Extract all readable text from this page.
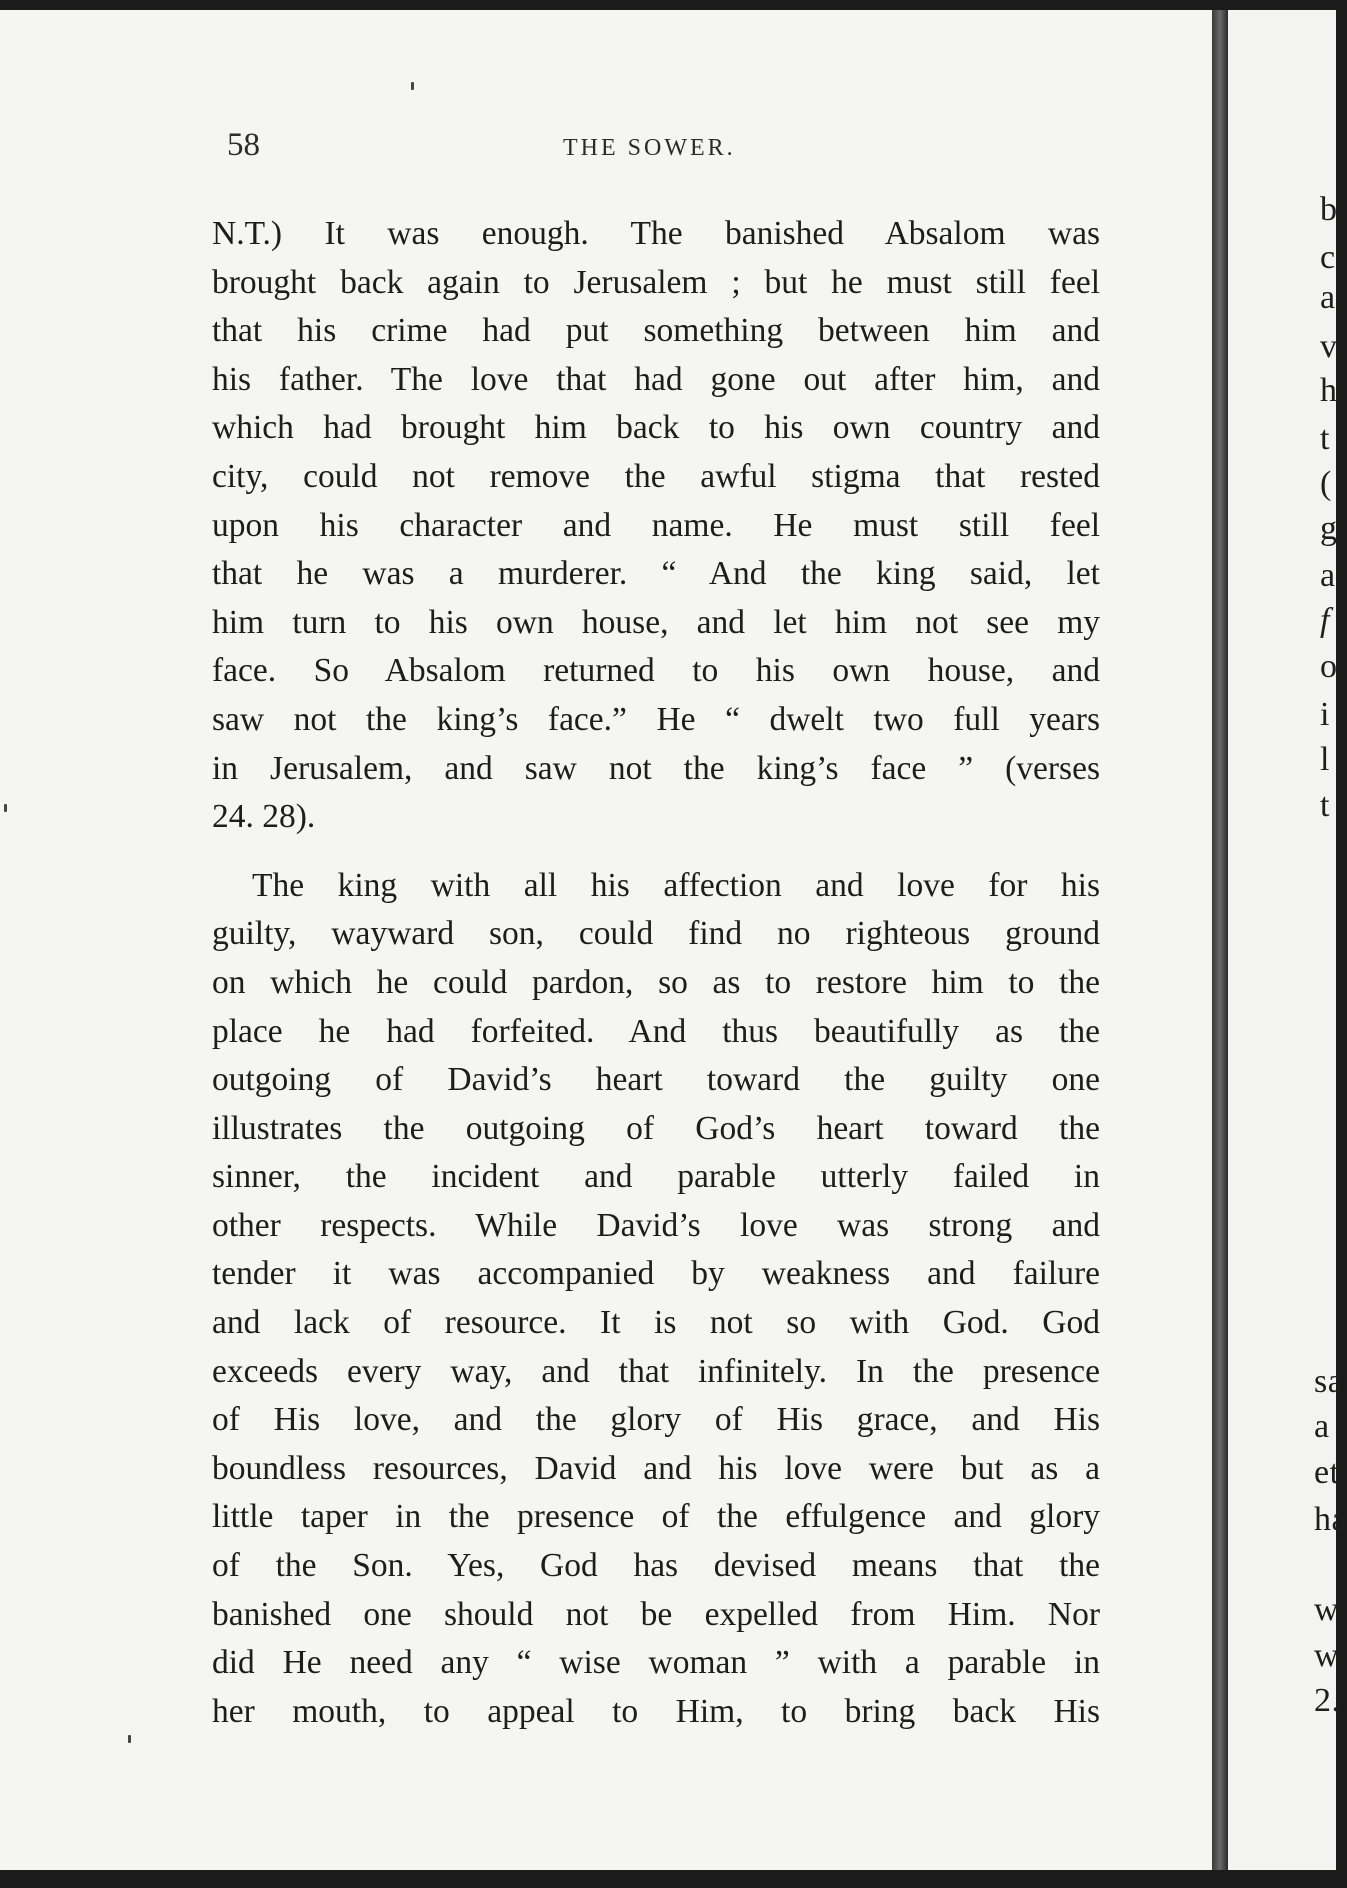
b
c
a
v
h
t
(
g
a
f
o
i
l
t
sa
a
et
ha
w
w
2.
58	THE SOWER.
N.T.) It was enough. The banished Absalom was
brought back again to Jerusalem ; but he must still feel
that his crime had put something between him and
his father. The love that had gone out after him, and
which had brought him back to his own country and
city, could not remove the awful stigma that rested
upon his character and name. He must still feel
that he was a murderer. “ And the king said, let
him turn to his own house, and let him not see my
face. So Absalom returned to his own house, and
saw not the king’s face.” He “ dwelt two full years
in Jerusalem, and saw not the king’s face ” (verses
24. 28).
The king with all his affection and love for his
guilty, wayward son, could find no righteous ground
on which he could pardon, so as to restore him to the
place he had forfeited. And thus beautifully as the
outgoing of David’s heart toward the guilty one
illustrates the outgoing of God’s heart toward the
sinner, the incident and parable utterly failed in
other respects. While David’s love was strong and
tender it was accompanied by weakness and failure
and lack of resource. It is not so with God. God
exceeds every way, and that infinitely. In the presence
of His love, and the glory of His grace, and His
boundless resources, David and his love were but as a
little taper in the presence of the effulgence and glory
of the Son. Yes, God has devised means that the
banished one should not be expelled from Him. Nor
did He need any “ wise woman ” with a parable in
her mouth, to appeal to Him, to bring back His
